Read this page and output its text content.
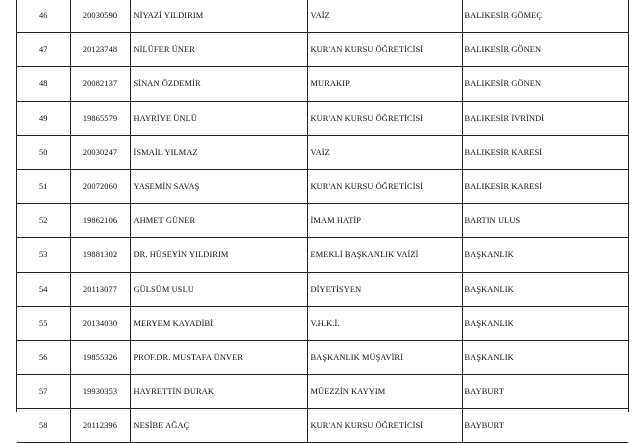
46	20030590	NİYAZİ YILDIRIM	VAİZ	BALIKESİR GÖMEÇ
47	20123748	NİLÜFER ÜNER	KUR'AN KURSU ÖĞRETİCİSİ	BALIKESİR GÖNEN
48	20082137	SİNAN ÖZDEMİR	MURAKIP	BALIKESİR GÖNEN
49	19865579	HAYRİYE ÜNLÜ	KUR'AN KURSU ÖĞRETİCİSİ	BALIKESİR İVRİNDİ
50	20030247	İSMAİL YILMAZ	VAİZ	BALIKESİR KARESİ
51	20072060	YASEMİN SAVAŞ	KUR'AN KURSU ÖĞRETİCİSİ	BALIKESİR KARESİ
52	19862106	AHMET GÜNER	İMAM HATİP	BARTIN ULUS
53	19881302	DR. HÜSEYİN YILDIRIM	EMEKLİ BAŞKANLIK VAİZİ	BAŞKANLIK
54	20113077	GÜLSÜM USLU	DİYETİSYEN	BAŞKANLIK
55	20134030	MERYEM KAYADİBİ	V.H.K.İ.	BAŞKANLIK
56	19855326	PROF.DR. MUSTAFA ÜNVER	BAŞKANLIK MÜŞAVİRİ	BAŞKANLIK
57	19930353	HAYRETTİN DURAK	MÜEZZİN KAYYIM	BAYBURT
58	20112396	NESİBE AĞAÇ	KUR'AN KURSU ÖĞRETİCİSİ	BAYBURT
